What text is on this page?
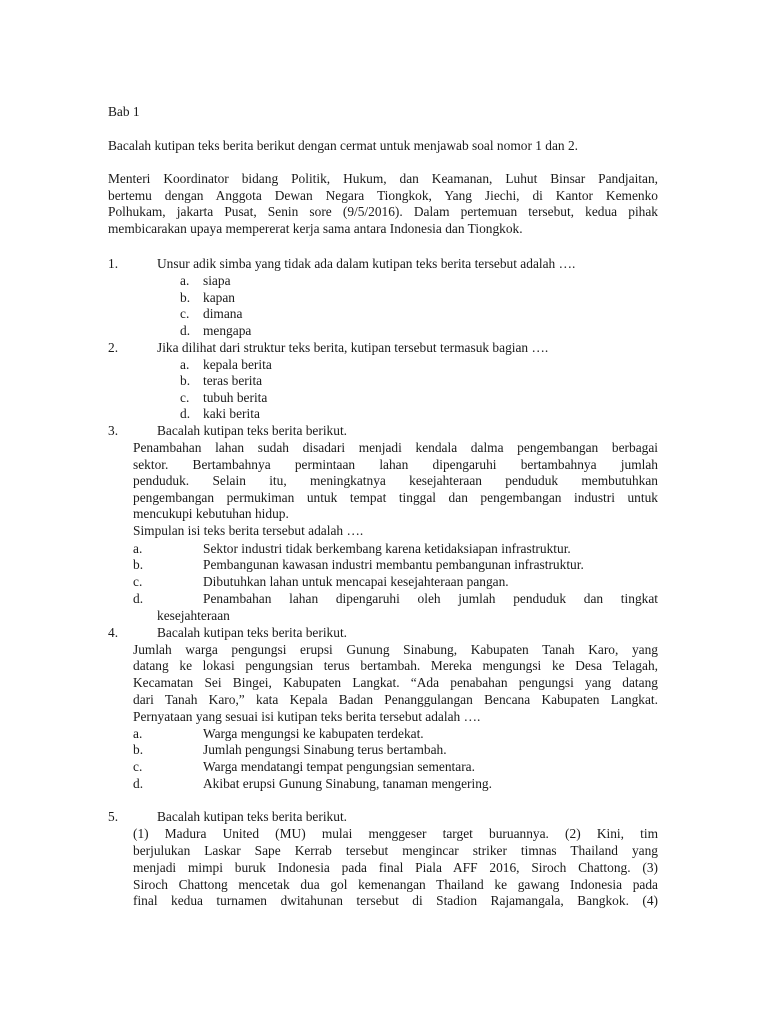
Bab 1
Bacalah kutipan teks berita berikut dengan cermat untuk menjawab soal nomor 1 dan 2.
Menteri Koordinator bidang Politik, Hukum, dan Keamanan, Luhut Binsar Pandjaitan,
bertemu dengan Anggota Dewan Negara Tiongkok, Yang Jiechi, di Kantor Kemenko
Polhukam, jakarta Pusat, Senin sore (9/5/2016). Dalam pertemuan tersebut, kedua pihak
membicarakan upaya mempererat kerja sama antara Indonesia dan Tiongkok.
1.	Unsur adik simba yang tidak ada dalam kutipan teks berita tersebut adalah ….
a. siapa
b. kapan
c. dimana
d. mengapa
2.	Jika dilihat dari struktur teks berita, kutipan tersebut termasuk bagian ….
a. kepala berita
b. teras berita
c. tubuh berita
d. kaki berita
3.	Bacalah kutipan teks berita berikut.
Penambahan lahan sudah disadari menjadi kendala dalma pengembangan berbagai
sektor. Bertambahnya permintaan lahan dipengaruhi bertambahnya jumlah
penduduk. Selain itu, meningkatnya kesejahteraan penduduk membutuhkan
pengembangan permukiman untuk tempat tinggal dan pengembangan industri untuk
mencukupi kebutuhan hidup.
Simpulan isi teks berita tersebut adalah ….
a.	Sektor industri tidak berkembang karena ketidaksiapan infrastruktur.
b.	Pembangunan kawasan industri membantu pembangunan infrastruktur.
c.	Dibutuhkan lahan untuk mencapai kesejahteraan pangan.
d.	Penambahan lahan dipengaruhi oleh jumlah penduduk dan tingkat
kesejahteraan
4.	Bacalah kutipan teks berita berikut.
Jumlah warga pengungsi erupsi Gunung Sinabung, Kabupaten Tanah Karo, yang
datang ke lokasi pengungsian terus bertambah. Mereka mengungsi ke Desa Telagah,
Kecamatan Sei Bingei, Kabupaten Langkat. “Ada penabahan pengungsi yang datang
dari Tanah Karo,” kata Kepala Badan Penanggulangan Bencana Kabupaten Langkat.
Pernyataan yang sesuai isi kutipan teks berita tersebut adalah ….
a.	Warga mengungsi ke kabupaten terdekat.
b.	Jumlah pengungsi Sinabung terus bertambah.
c.	Warga mendatangi tempat pengungsian sementara.
d.	Akibat erupsi Gunung Sinabung, tanaman mengering.
5.	Bacalah kutipan teks berita berikut.
(1) Madura United (MU) mulai menggeser target buruannya. (2) Kini, tim
berjulukan Laskar Sape Kerrab tersebut mengincar striker timnas Thailand yang
menjadi mimpi buruk Indonesia pada final Piala AFF 2016, Siroch Chattong. (3)
Siroch Chattong mencetak dua gol kemenangan Thailand ke gawang Indonesia pada
final kedua turnamen dwitahunan tersebut di Stadion Rajamangala, Bangkok. (4)
